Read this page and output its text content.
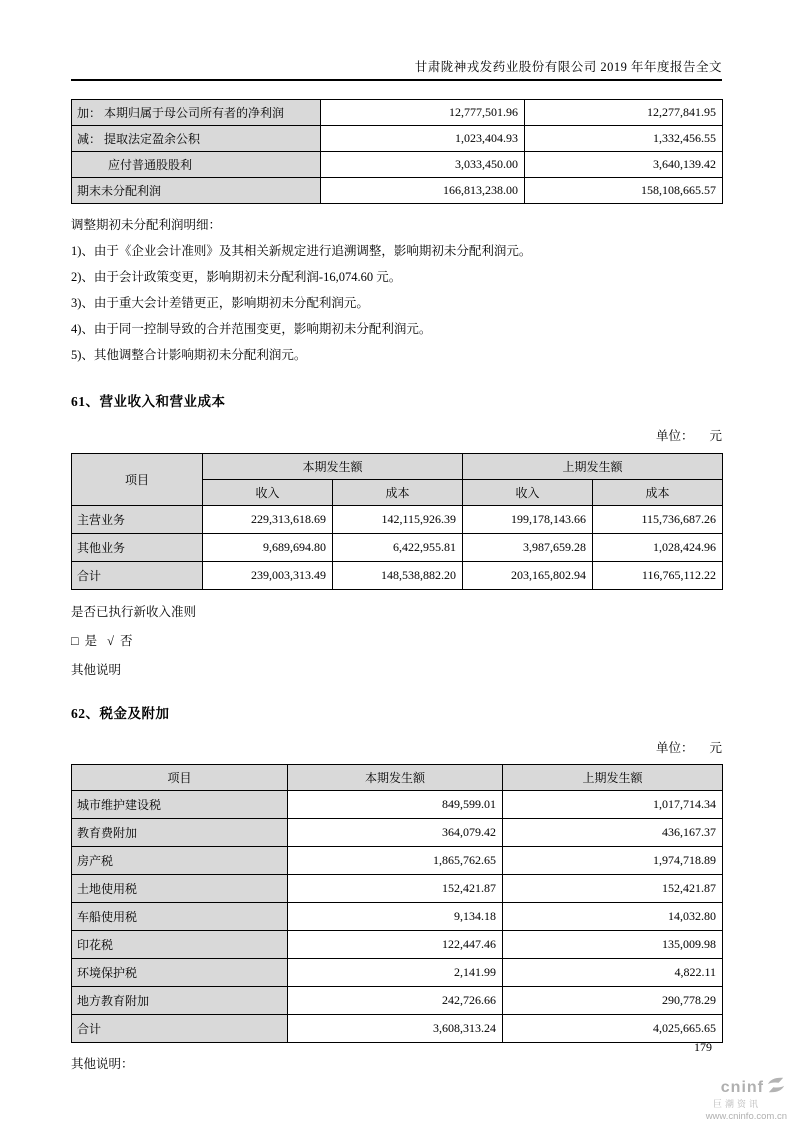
甘肃陇神戎发药业股份有限公司 2019 年年度报告全文
加： 本期归属于母公司所有者的净利润	12,777,501.96	12,277,841.95
减： 提取法定盈余公积	1,023,404.93	1,332,456.55
应付普通股股利	3,033,450.00	3,640,139.42
期末未分配利润	166,813,238.00	158,108,665.57

调整期初未分配利润明细：

1)、由于《企业会计准则》及其相关新规定进行追溯调整，影响期初未分配利润元。

2)、由于会计政策变更，影响期初未分配利润-16,074.60 元。

3)、由于重大会计差错更正，影响期初未分配利润元。

4)、由于同一控制导致的合并范围变更，影响期初未分配利润元。

5)、其他调整合计影响期初未分配利润元。

61、营业收入和营业成本
单位： 元
项目	本期发生额		上期发生额	
	收入	成本	收入	成本
主营业务	229,313,618.69	142,115,926.39	199,178,143.66	115,736,687.26
其他业务	9,689,694.80	6,422,955.81	3,987,659.28	1,028,424.96
合计	239,003,313.49	148,538,882.20	203,165,802.94	116,765,112.22

是否已执行新收入准则

□ 是 √ 否

其他说明

62、税金及附加
单位： 元
项目	本期发生额	上期发生额
城市维护建设税	849,599.01	1,017,714.34
教育费附加	364,079.42	436,167.37
房产税	1,865,762.65	1,974,718.89
土地使用税	152,421.87	152,421.87
车船使用税	9,134.18	14,032.80
印花税	122,447.46	135,009.98
环境保护税	2,141.99	4,822.11
地方教育附加	242,726.66	290,778.29
合计	3,608,313.24	4,025,665.65

其他说明：

179
cninf
巨潮资讯
www.cninfo.com.cn
